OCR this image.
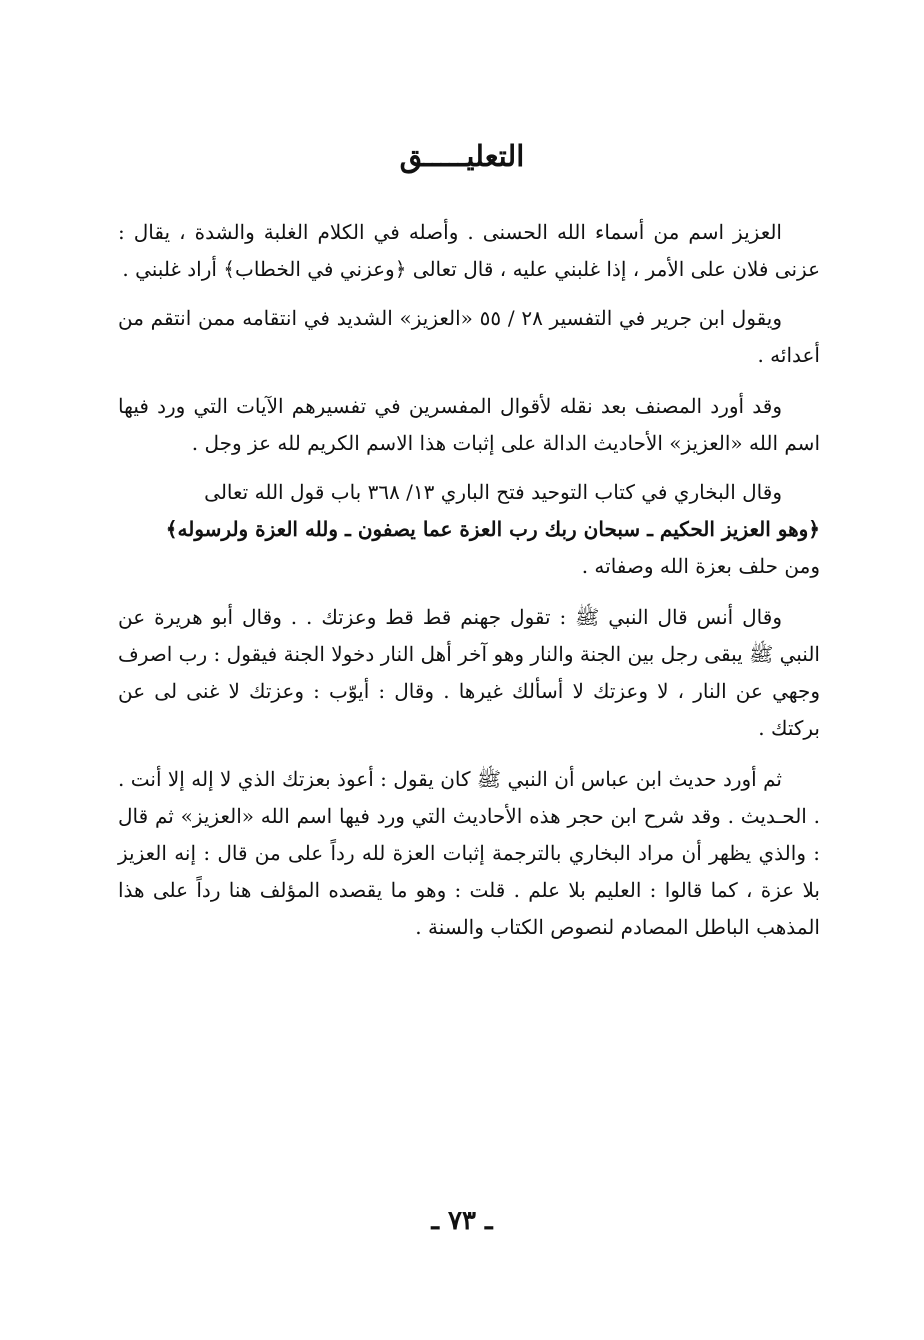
التعليـــــق

العزيز اسم من أسماء الله الحسنى . وأصله في الكلام الغلبة والشدة ، يقال : عزنى فلان على الأمر ، إذا غلبني عليه ، قال تعالى ﴿وعزني في الخطاب﴾ أراد غلبني .

ويقول ابن جرير في التفسير ٢٨ / ٥٥ «العزيز» الشديد في انتقامه ممن انتقم من أعدائه .

وقد أورد المصنف بعد نقله لأقوال المفسرين في تفسيرهم الآيات التي ورد فيها اسم الله «العزيز» الأحاديث الدالة على إثبات هذا الاسم الكريم لله عز وجل .

وقال البخاري في كتاب التوحيد فتح الباري ١٣/ ٣٦٨ باب قول الله تعالى

﴿وهو العزيز الحكيم ـ سبحان ربك رب العزة عما يصفون ـ ولله العزة ولرسوله﴾

ومن حلف بعزة الله وصفاته .

وقال أنس قال النبي ﷺ : تقول جهنم قط قط وعزتك . . وقال أبو هريرة عن النبي ﷺ يبقى رجل بين الجنة والنار وهو آخر أهل النار دخولا الجنة فيقول : رب اصرف وجهي عن النار ، لا وعزتك لا أسألك غيرها . وقال : أيوّب : وعزتك لا غنى لى عن بركتك .

ثم أورد حديث ابن عباس أن النبي ﷺ كان يقول : أعوذ بعزتك الذي لا إله إلا أنت . . الحـديث . وقد شرح ابن حجر هذه الأحاديث التي ورد فيها اسم الله «العزيز» ثم قال : والذي يظهر أن مراد البخاري بالترجمة إثبات العزة لله رداً على من قال : إنه العزيز بلا عزة ، كما قالوا : العليم بلا علم . قلت : وهو ما يقصده المؤلف هنا رداً على هذا المذهب الباطل المصادم لنصوص الكتاب والسنة .

ـ ٧٣ ـ
